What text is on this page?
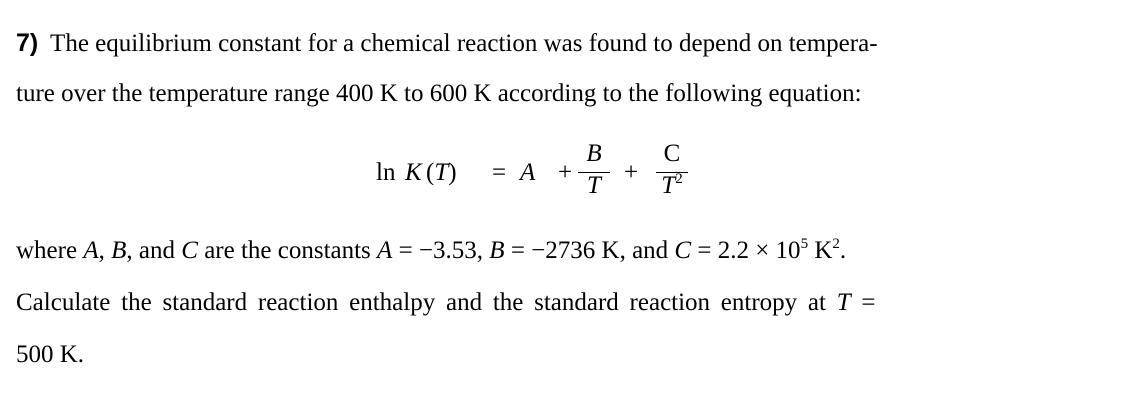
7) The equilibrium constant for a chemical reaction was found to depend on tempera-
ture over the temperature range 400 K to 600 K according to the following equation:
ln K (T) = A +
B
T +
C
$T^2$
where A, B, and C are the constants A = −3.53, B = −2736 K, and $C = 2.2 \times 10^5$ $K^2$.
Calculate the standard reaction enthalpy and the standard reaction entropy at T =
500 K.
